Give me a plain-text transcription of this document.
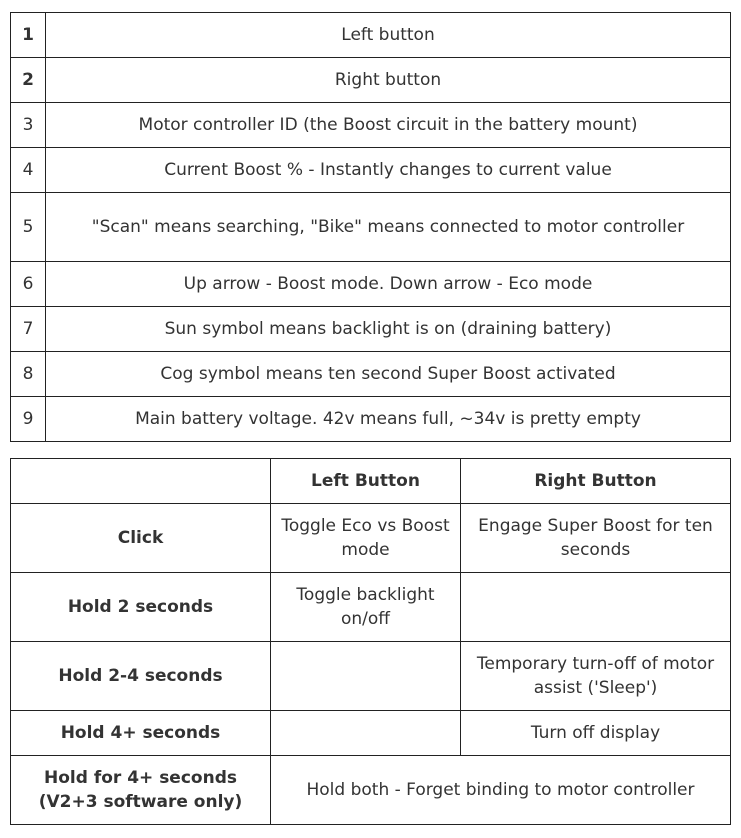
1	Left button
2	Right button
3	Motor controller ID (the Boost circuit in the battery mount)
4	Current Boost % - Instantly changes to current value
5	"Scan" means searching, "Bike" means connected to motor controller
6	Up arrow - Boost mode. Down arrow - Eco mode
7	Sun symbol means backlight is on (draining battery)
8	Cog symbol means ten second Super Boost activated
9	Main battery voltage. 42v means full, ~34v is pretty empty
	Left Button	Right Button
Click	Toggle Eco vs Boost mode	Engage Super Boost for ten seconds
Hold 2 seconds	Toggle backlight on/off	
Hold 2-4 seconds		Temporary turn-off of motor assist ('Sleep')
Hold 4+ seconds		Turn off display
Hold for 4+ seconds (V2+3 software only)	Hold both - Forget binding to motor controller	
